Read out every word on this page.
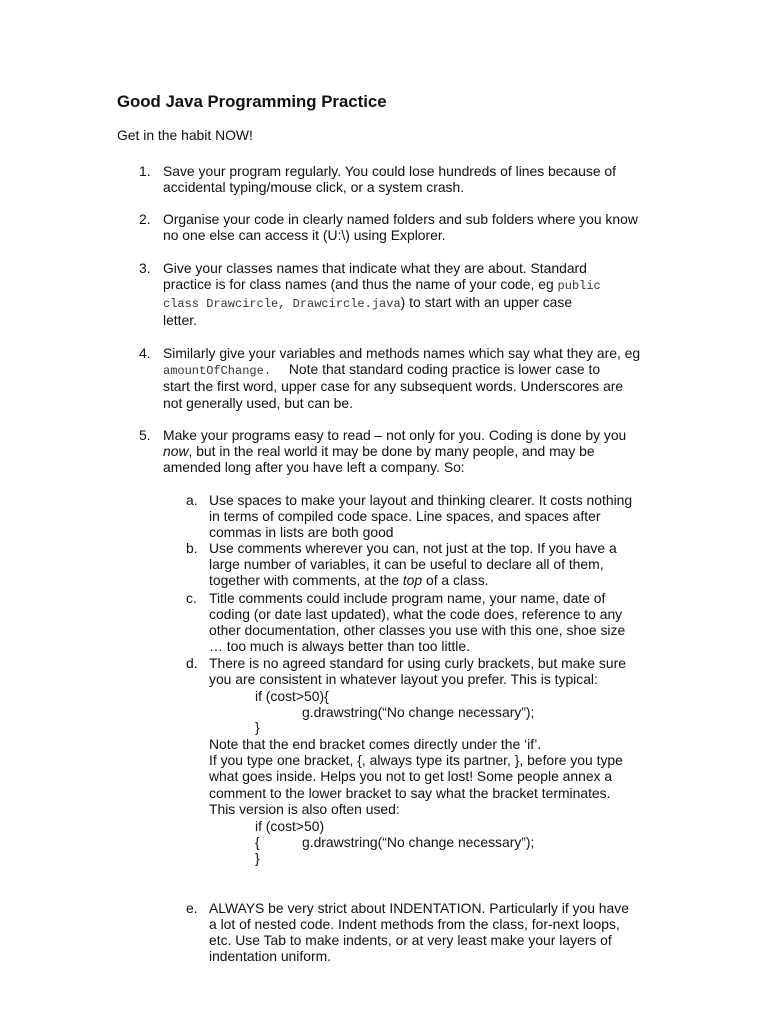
Good Java Programming Practice

Get in the habit NOW!

1. Save your program regularly. You could lose hundreds of lines because of

accidental typing/mouse click, or a system crash.

2. Organise your code in clearly named folders and sub folders where you know

no one else can access it (U:\) using Explorer.

3. Give your classes names that indicate what they are about. Standard

practice is for class names (and thus the name of your code, eg public

class Drawcircle, Drawcircle.java) to start with an upper case

letter.

4. Similarly give your variables and methods names which say what they are, eg

amountOfChange. Note that standard coding practice is lower case to

start the first word, upper case for any subsequent words. Underscores are

not generally used, but can be.

5. Make your programs easy to read – not only for you. Coding is done by you

now, but in the real world it may be done by many people, and may be

amended long after you have left a company. So:

a. Use spaces to make your layout and thinking clearer. It costs nothing

in terms of compiled code space. Line spaces, and spaces after

commas in lists are both good

b. Use comments wherever you can, not just at the top. If you have a

large number of variables, it can be useful to declare all of them,

together with comments, at the top of a class.

c. Title comments could include program name, your name, date of

coding (or date last updated), what the code does, reference to any

other documentation, other classes you use with this one, shoe size

… too much is always better than too little.

d. There is no agreed standard for using curly brackets, but make sure

you are consistent in whatever layout you prefer. This is typical:

if (cost>50){

g.drawstring(“No change necessary”);

}

Note that the end bracket comes directly under the ‘if’.

If you type one bracket, {, always type its partner, }, before you type

what goes inside. Helps you not to get lost! Some people annex a

comment to the lower bracket to say what the bracket terminates.

This version is also often used:

if (cost>50)

{	g.drawstring(“No change necessary”);

}

e. ALWAYS be very strict about INDENTATION. Particularly if you have

a lot of nested code. Indent methods from the class, for-next loops,

etc. Use Tab to make indents, or at very least make your layers of

indentation uniform.
